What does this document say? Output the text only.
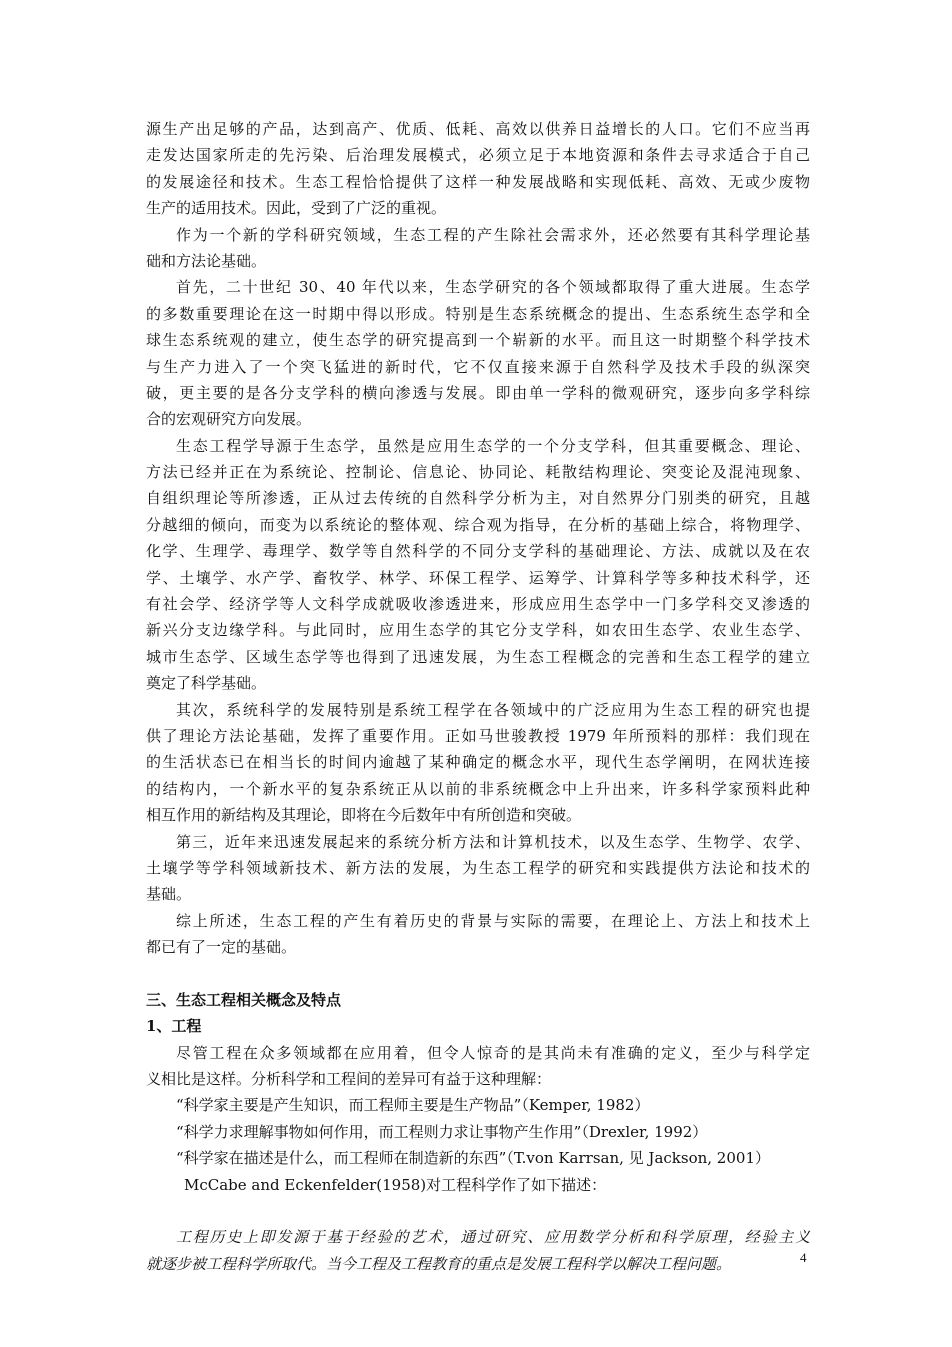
源生产出足够的产品，达到高产、优质、低耗、高效以供养日益增长的人口。它们不应当再
走发达国家所走的先污染、后治理发展模式，必须立足于本地资源和条件去寻求适合于自己
的发展途径和技术。生态工程恰恰提供了这样一种发展战略和实现低耗、高效、无或少废物
生产的适用技术。因此，受到了广泛的重视。
作为一个新的学科研究领域，生态工程的产生除社会需求外，还必然要有其科学理论基
础和方法论基础。
首先，二十世纪 30、40 年代以来，生态学研究的各个领域都取得了重大进展。生态学
的多数重要理论在这一时期中得以形成。特别是生态系统概念的提出、生态系统生态学和全
球生态系统观的建立，使生态学的研究提高到一个崭新的水平。而且这一时期整个科学技术
与生产力进入了一个突飞猛进的新时代，它不仅直接来源于自然科学及技术手段的纵深突
破，更主要的是各分支学科的横向渗透与发展。即由单一学科的微观研究，逐步向多学科综
合的宏观研究方向发展。
生态工程学导源于生态学，虽然是应用生态学的一个分支学科，但其重要概念、理论、
方法已经并正在为系统论、控制论、信息论、协同论、耗散结构理论、突变论及混沌现象、
自组织理论等所渗透，正从过去传统的自然科学分析为主，对自然界分门别类的研究，且越
分越细的倾向，而变为以系统论的整体观、综合观为指导，在分析的基础上综合，将物理学、
化学、生理学、毒理学、数学等自然科学的不同分支学科的基础理论、方法、成就以及在农
学、土壤学、水产学、畜牧学、林学、环保工程学、运筹学、计算科学等多种技术科学，还
有社会学、经济学等人文科学成就吸收渗透进来，形成应用生态学中一门多学科交叉渗透的
新兴分支边缘学科。与此同时，应用生态学的其它分支学科，如农田生态学、农业生态学、
城市生态学、区域生态学等也得到了迅速发展，为生态工程概念的完善和生态工程学的建立
奠定了科学基础。
其次，系统科学的发展特别是系统工程学在各领域中的广泛应用为生态工程的研究也提
供了理论方法论基础，发挥了重要作用。正如马世骏教授 1979 年所预料的那样：我们现在
的生活状态已在相当长的时间内逾越了某种确定的概念水平，现代生态学阐明，在网状连接
的结构内，一个新水平的复杂系统正从以前的非系统概念中上升出来，许多科学家预料此种
相互作用的新结构及其理论，即将在今后数年中有所创造和突破。
第三，近年来迅速发展起来的系统分析方法和计算机技术，以及生态学、生物学、农学、
土壤学等学科领域新技术、新方法的发展，为生态工程学的研究和实践提供方法论和技术的
基础。
综上所述，生态工程的产生有着历史的背景与实际的需要，在理论上、方法上和技术上
都已有了一定的基础。
三、生态工程相关概念及特点
1、工程
尽管工程在众多领域都在应用着，但令人惊奇的是其尚未有准确的定义，至少与科学定
义相比是这样。分析科学和工程间的差异可有益于这种理解：
“科学家主要是产生知识，而工程师主要是生产物品”（Kemper, 1982）
“科学力求理解事物如何作用，而工程则力求让事物产生作用”（Drexler, 1992）
“科学家在描述是什么，而工程师在制造新的东西”（T.von Karrsan, 见 Jackson, 2001）
McCabe and Eckenfelder(1958)对工程科学作了如下描述：
工程历史上即发源于基于经验的艺术，通过研究、应用数学分析和科学原理，经验主义
就逐步被工程科学所取代。当今工程及工程教育的重点是发展工程科学以解决工程问题。	4
